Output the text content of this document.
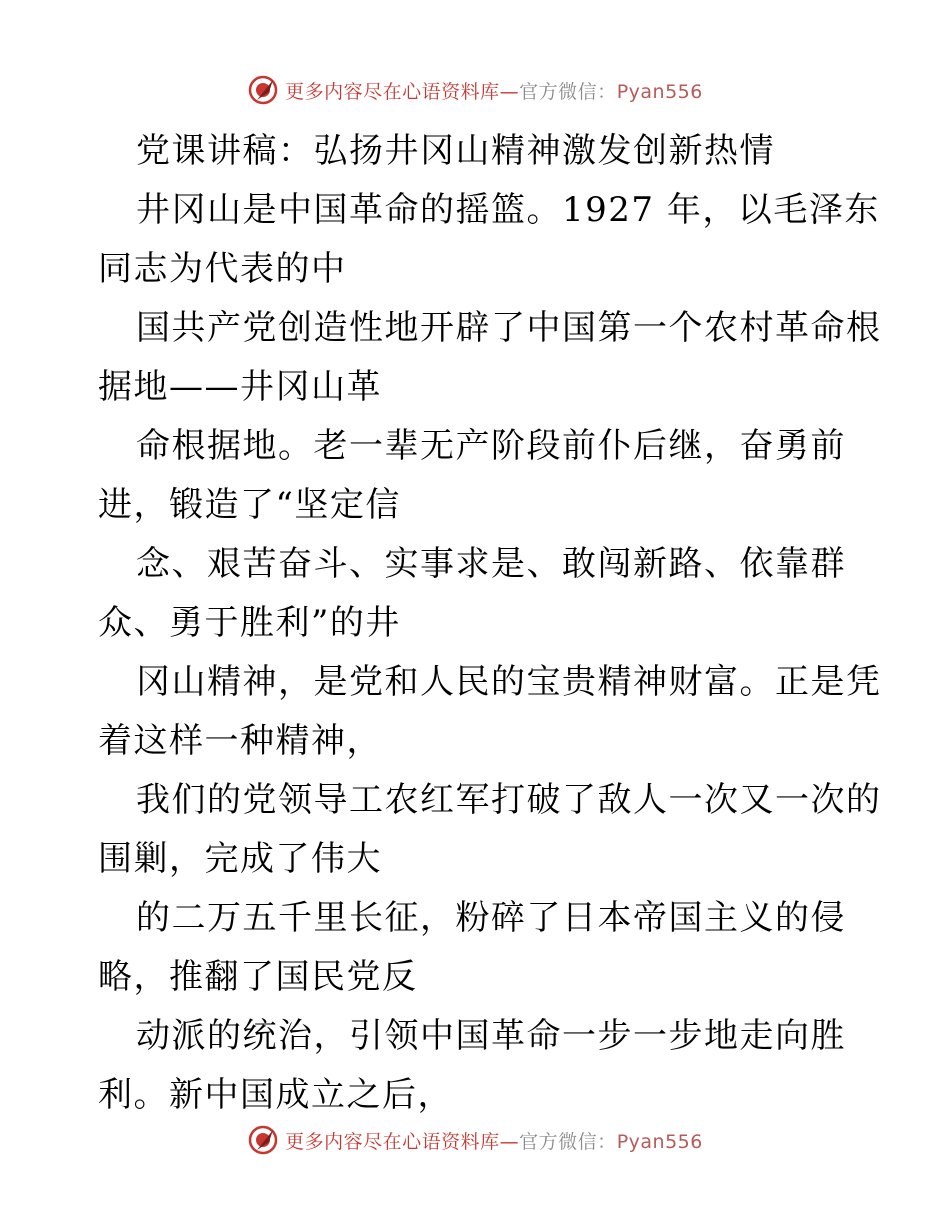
更多内容尽在心语资料库—官方微信：Pyan556
党课讲稿：弘扬井冈山精神激发创新热情
井冈山是中国革命的摇篮。1927 年，以毛泽东
同志为代表的中
国共产党创造性地开辟了中国第一个农村革命根
据地——井冈山革
命根据地。老一辈无产阶段前仆后继，奋勇前
进，锻造了“坚定信
念、艰苦奋斗、实事求是、敢闯新路、依靠群
众、勇于胜利”的井
冈山精神，是党和人民的宝贵精神财富。正是凭
着这样一种精神，
我们的党领导工农红军打破了敌人一次又一次的
围剿，完成了伟大
的二万五千里长征，粉碎了日本帝国主义的侵
略，推翻了国民党反
动派的统治，引领中国革命一步一步地走向胜
利。新中国成立之后，
更多内容尽在心语资料库—官方微信：Pyan556
